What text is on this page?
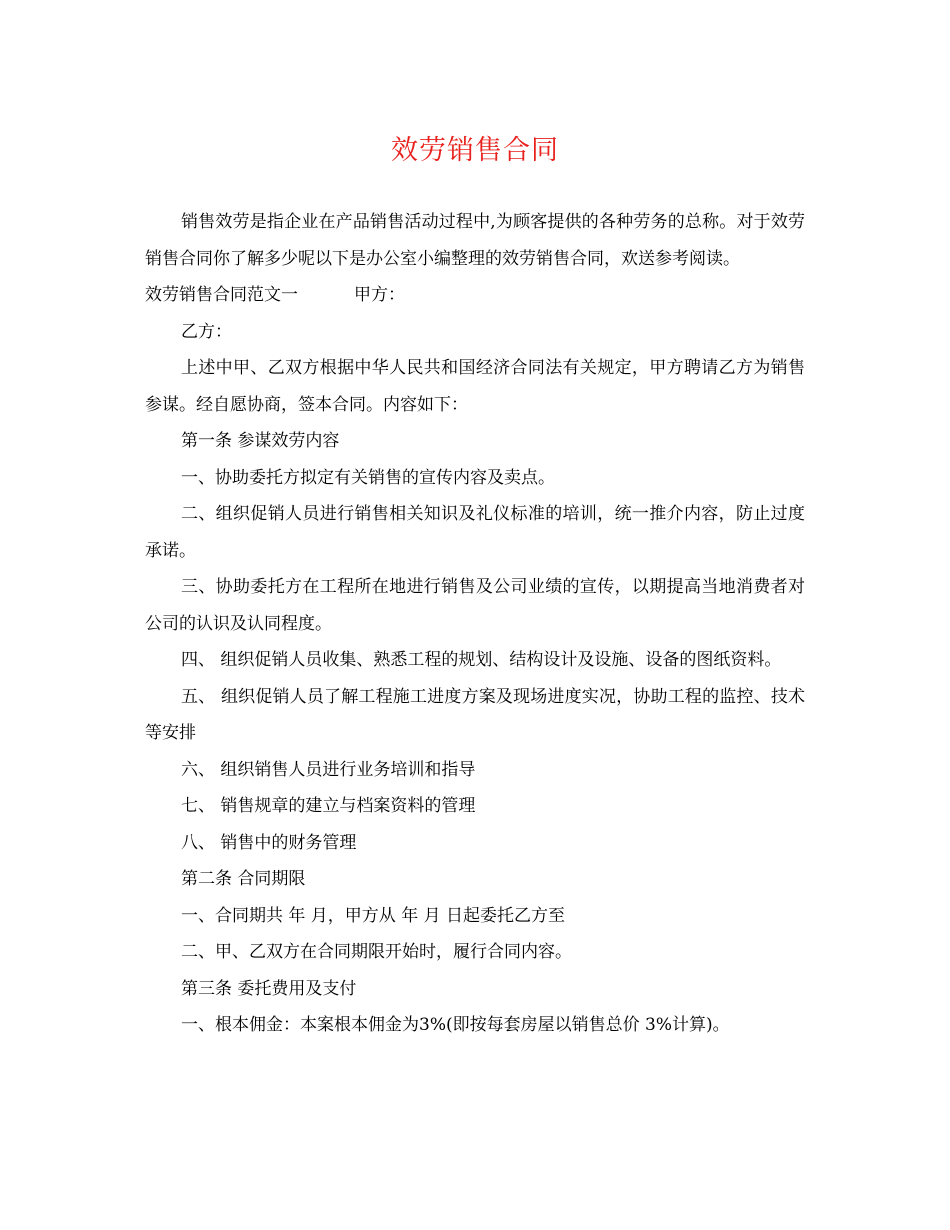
效劳销售合同

销售效劳是指企业在产品销售活动过程中,为顾客提供的各种劳务的总称。对于效劳销售合同你了解多少呢以下是办公室小编整理的效劳销售合同，欢送参考阅读。

效劳销售合同范文一	甲方：

乙方：

上述中甲、乙双方根据中华人民共和国经济合同法有关规定，甲方聘请乙方为销售参谋。经自愿协商，签本合同。内容如下：

第一条 参谋效劳内容

一、协助委托方拟定有关销售的宣传内容及卖点。

二、组织促销人员进行销售相关知识及礼仪标准的培训，统一推介内容，防止过度承诺。

三、协助委托方在工程所在地进行销售及公司业绩的宣传，以期提高当地消费者对公司的认识及认同程度。

四、 组织促销人员收集、熟悉工程的规划、结构设计及设施、设备的图纸资料。

五、 组织促销人员了解工程施工进度方案及现场进度实况，协助工程的监控、技术等安排

六、 组织销售人员进行业务培训和指导

七、 销售规章的建立与档案资料的管理

八、 销售中的财务管理

第二条 合同期限

一、合同期共 年 月，甲方从 年 月 日起委托乙方至

二、甲、乙双方在合同期限开始时，履行合同内容。

第三条 委托费用及支付

一、根本佣金：本案根本佣金为3%(即按每套房屋以销售总价 3%计算)。
